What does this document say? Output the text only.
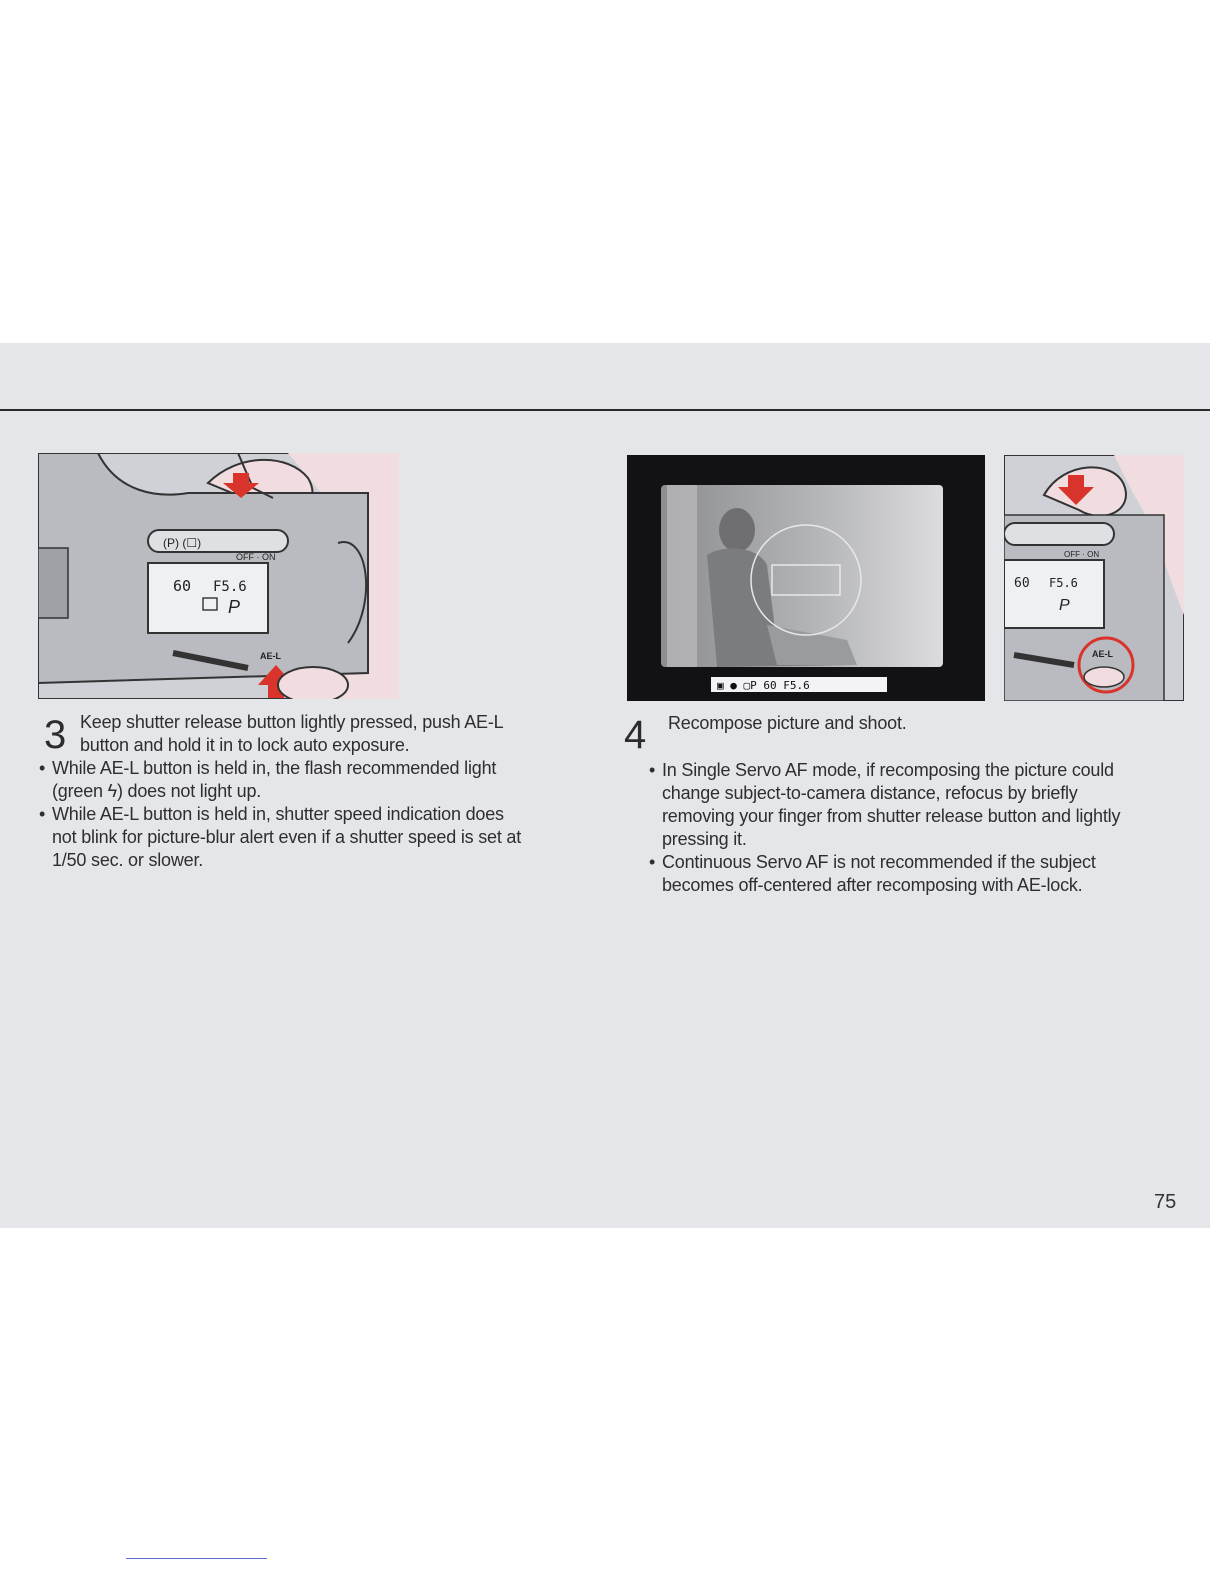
(P) (☐)
OFF · ON
60 F5.6
P
AE-L
▣ ● ▢P 60 F5.6
OFF · ON
60 F5.6
P
AE-L
3 Keep shutter release button lightly pressed, push AE-L
button and hold it in to lock auto exposure.
• While AE-L button is held in, the flash recommended light
(green ϟ) does not light up.
• While AE-L button is held in, shutter speed indication does
not blink for picture-blur alert even if a shutter speed is set at
1/50 sec. or slower.
4 Recompose picture and shoot.
• In Single Servo AF mode, if recomposing the picture could
change subject-to-camera distance, refocus by briefly
removing your finger from shutter release button and lightly
pressing it.
• Continuous Servo AF is not recommended if the subject
becomes off-centered after recomposing with AE-lock.
75
